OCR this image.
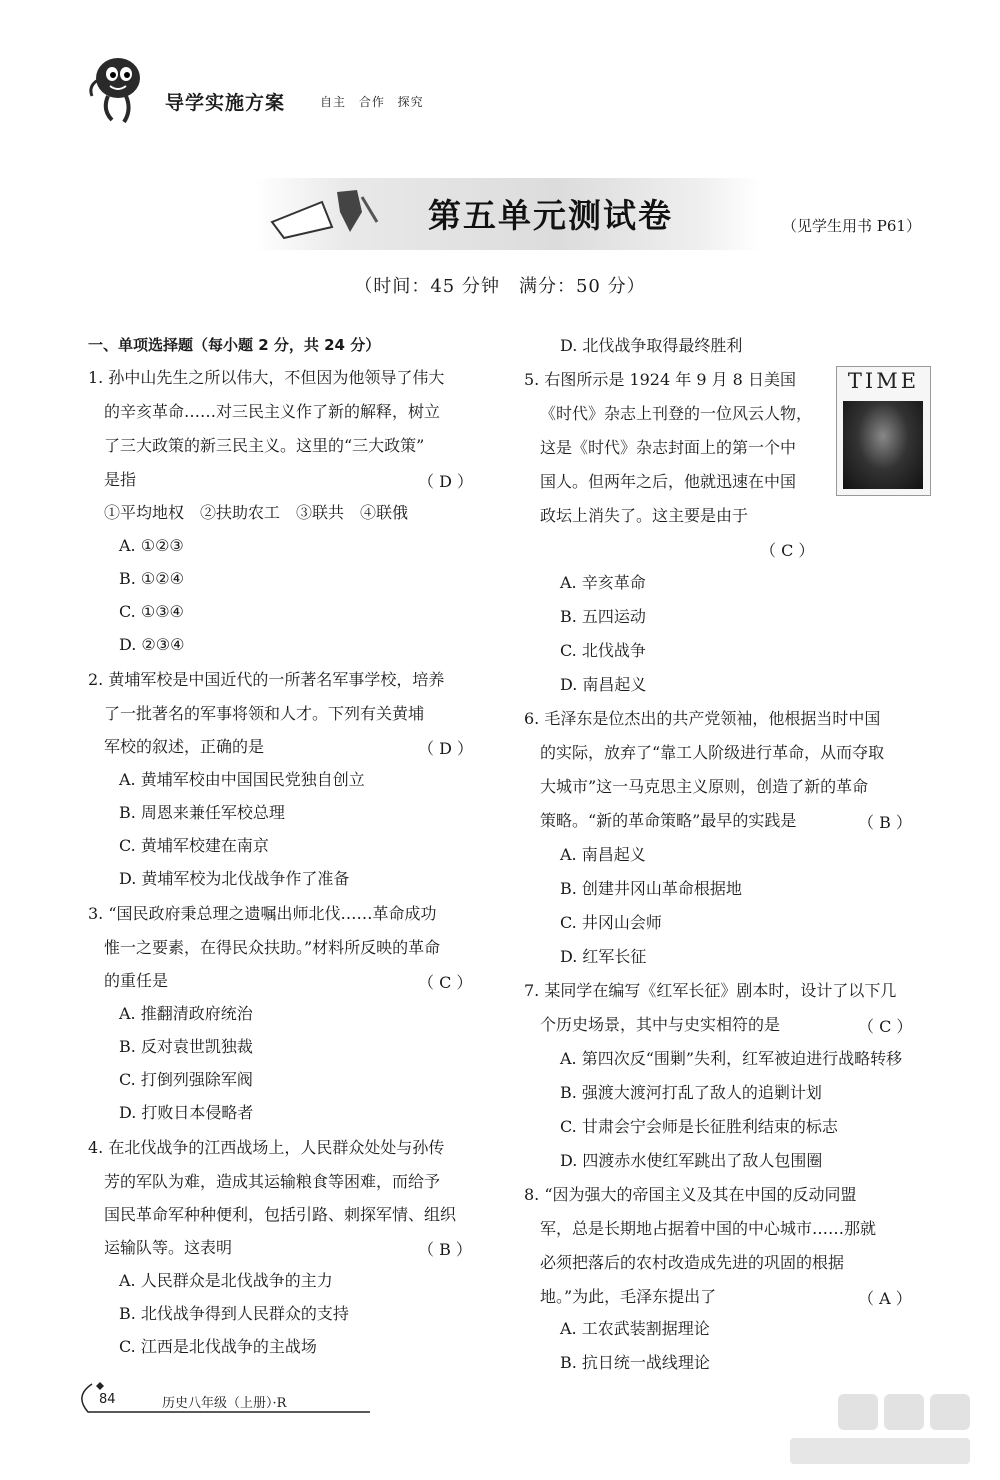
导学实施方案	自主 合作 探究
第五单元测试卷	（见学生用书 P61）
（时间：45 分钟　满分：50 分）
一、单项选择题（每小题 2 分，共 24 分）
1. 孙中山先生之所以伟大，不但因为他领导了伟大
的辛亥革命……对三民主义作了新的解释，树立
了三大政策的新三民主义。这里的“三大政策”
是指	（ D ）
①平均地权　②扶助农工　③联共　④联俄
A. ①②③
B. ①②④
C. ①③④
D. ②③④
2. 黄埔军校是中国近代的一所著名军事学校，培养
了一批著名的军事将领和人才。下列有关黄埔
军校的叙述，正确的是	（ D ）
A. 黄埔军校由中国国民党独自创立
B. 周恩来兼任军校总理
C. 黄埔军校建在南京
D. 黄埔军校为北伐战争作了准备
3. “国民政府秉总理之遗嘱出师北伐……革命成功
惟一之要素，在得民众扶助。”材料所反映的革命
的重任是	（ C ）
A. 推翻清政府统治
B. 反对袁世凯独裁
C. 打倒列强除军阀
D. 打败日本侵略者
4. 在北伐战争的江西战场上，人民群众处处与孙传
芳的军队为难，造成其运输粮食等困难，而给予
国民革命军种种便利，包括引路、刺探军情、组织
运输队等。这表明	（ B ）
A. 人民群众是北伐战争的主力
B. 北伐战争得到人民群众的支持
C. 江西是北伐战争的主战场
D. 北伐战争取得最终胜利
5. 右图所示是 1924 年 9 月 8 日美国
《时代》杂志上刊登的一位风云人物，
这是《时代》杂志封面上的第一个中
国人。但两年之后，他就迅速在中国
政坛上消失了。这主要是由于
（ C ）
TIME
A. 辛亥革命
B. 五四运动
C. 北伐战争
D. 南昌起义
6. 毛泽东是位杰出的共产党领袖，他根据当时中国
的实际，放弃了“靠工人阶级进行革命，从而夺取
大城市”这一马克思主义原则，创造了新的革命
策略。“新的革命策略”最早的实践是	（ B ）
A. 南昌起义
B. 创建井冈山革命根据地
C. 井冈山会师
D. 红军长征
7. 某同学在编写《红军长征》剧本时，设计了以下几
个历史场景，其中与史实相符的是	（ C ）
A. 第四次反“围剿”失利，红军被迫进行战略转移
B. 强渡大渡河打乱了敌人的追剿计划
C. 甘肃会宁会师是长征胜利结束的标志
D. 四渡赤水使红军跳出了敌人包围圈
8. “因为强大的帝国主义及其在中国的反动同盟
军，总是长期地占据着中国的中心城市……那就
必须把落后的农村改造成先进的巩固的根据
地。”为此，毛泽东提出了	（ A ）
A. 工农武装割据理论
B. 抗日统一战线理论
84	历史八年级（上册）·R
